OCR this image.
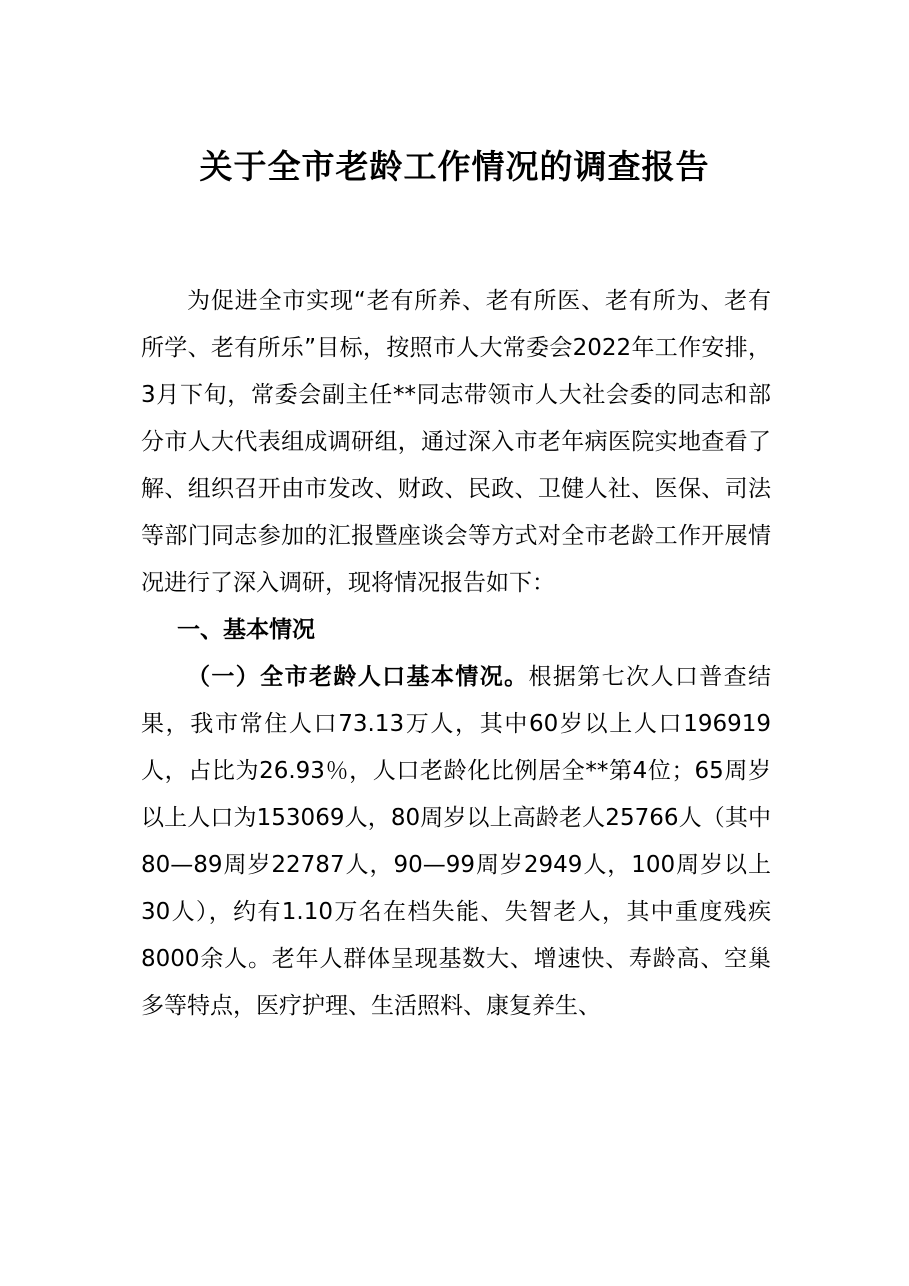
关于全市老龄工作情况的调查报告

为促进全市实现“老有所养、老有所医、老有所为、老有所学、老有所乐”目标，按照市人大常委会2022年工作安排，3月下旬，常委会副主任**同志带领市人大社会委的同志和部分市人大代表组成调研组，通过深入市老年病医院实地查看了解、组织召开由市发改、财政、民政、卫健人社、医保、司法等部门同志参加的汇报暨座谈会等方式对全市老龄工作开展情况进行了深入调研，现将情况报告如下：

一、基本情况

（一）全市老龄人口基本情况。根据第七次人口普查结果，我市常住人口73.13万人，其中60岁以上人口196919人，占比为26.93％，人口老龄化比例居全**第4位；65周岁以上人口为153069人，80周岁以上高龄老人25766人（其中80—89周岁22787人，90—99周岁2949人，100周岁以上30人），约有1.10万名在档失能、失智老人，其中重度残疾8000余人。老年人群体呈现基数大、增速快、寿龄高、空巢多等特点，医疗护理、生活照料、康复养生、
